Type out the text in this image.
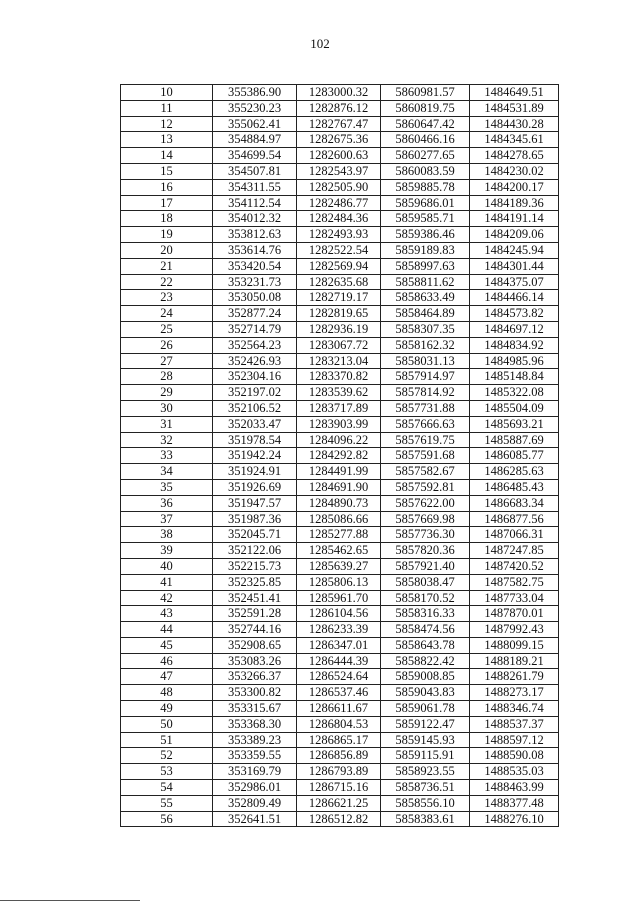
102
10	355386.90	1283000.32	5860981.57	1484649.51
11	355230.23	1282876.12	5860819.75	1484531.89
12	355062.41	1282767.47	5860647.42	1484430.28
13	354884.97	1282675.36	5860466.16	1484345.61
14	354699.54	1282600.63	5860277.65	1484278.65
15	354507.81	1282543.97	5860083.59	1484230.02
16	354311.55	1282505.90	5859885.78	1484200.17
17	354112.54	1282486.77	5859686.01	1484189.36
18	354012.32	1282484.36	5859585.71	1484191.14
19	353812.63	1282493.93	5859386.46	1484209.06
20	353614.76	1282522.54	5859189.83	1484245.94
21	353420.54	1282569.94	5858997.63	1484301.44
22	353231.73	1282635.68	5858811.62	1484375.07
23	353050.08	1282719.17	5858633.49	1484466.14
24	352877.24	1282819.65	5858464.89	1484573.82
25	352714.79	1282936.19	5858307.35	1484697.12
26	352564.23	1283067.72	5858162.32	1484834.92
27	352426.93	1283213.04	5858031.13	1484985.96
28	352304.16	1283370.82	5857914.97	1485148.84
29	352197.02	1283539.62	5857814.92	1485322.08
30	352106.52	1283717.89	5857731.88	1485504.09
31	352033.47	1283903.99	5857666.63	1485693.21
32	351978.54	1284096.22	5857619.75	1485887.69
33	351942.24	1284292.82	5857591.68	1486085.77
34	351924.91	1284491.99	5857582.67	1486285.63
35	351926.69	1284691.90	5857592.81	1486485.43
36	351947.57	1284890.73	5857622.00	1486683.34
37	351987.36	1285086.66	5857669.98	1486877.56
38	352045.71	1285277.88	5857736.30	1487066.31
39	352122.06	1285462.65	5857820.36	1487247.85
40	352215.73	1285639.27	5857921.40	1487420.52
41	352325.85	1285806.13	5858038.47	1487582.75
42	352451.41	1285961.70	5858170.52	1487733.04
43	352591.28	1286104.56	5858316.33	1487870.01
44	352744.16	1286233.39	5858474.56	1487992.43
45	352908.65	1286347.01	5858643.78	1488099.15
46	353083.26	1286444.39	5858822.42	1488189.21
47	353266.37	1286524.64	5859008.85	1488261.79
48	353300.82	1286537.46	5859043.83	1488273.17
49	353315.67	1286611.67	5859061.78	1488346.74
50	353368.30	1286804.53	5859122.47	1488537.37
51	353389.23	1286865.17	5859145.93	1488597.12
52	353359.55	1286856.89	5859115.91	1488590.08
53	353169.79	1286793.89	5858923.55	1488535.03
54	352986.01	1286715.16	5858736.51	1488463.99
55	352809.49	1286621.25	5858556.10	1488377.48
56	352641.51	1286512.82	5858383.61	1488276.10
